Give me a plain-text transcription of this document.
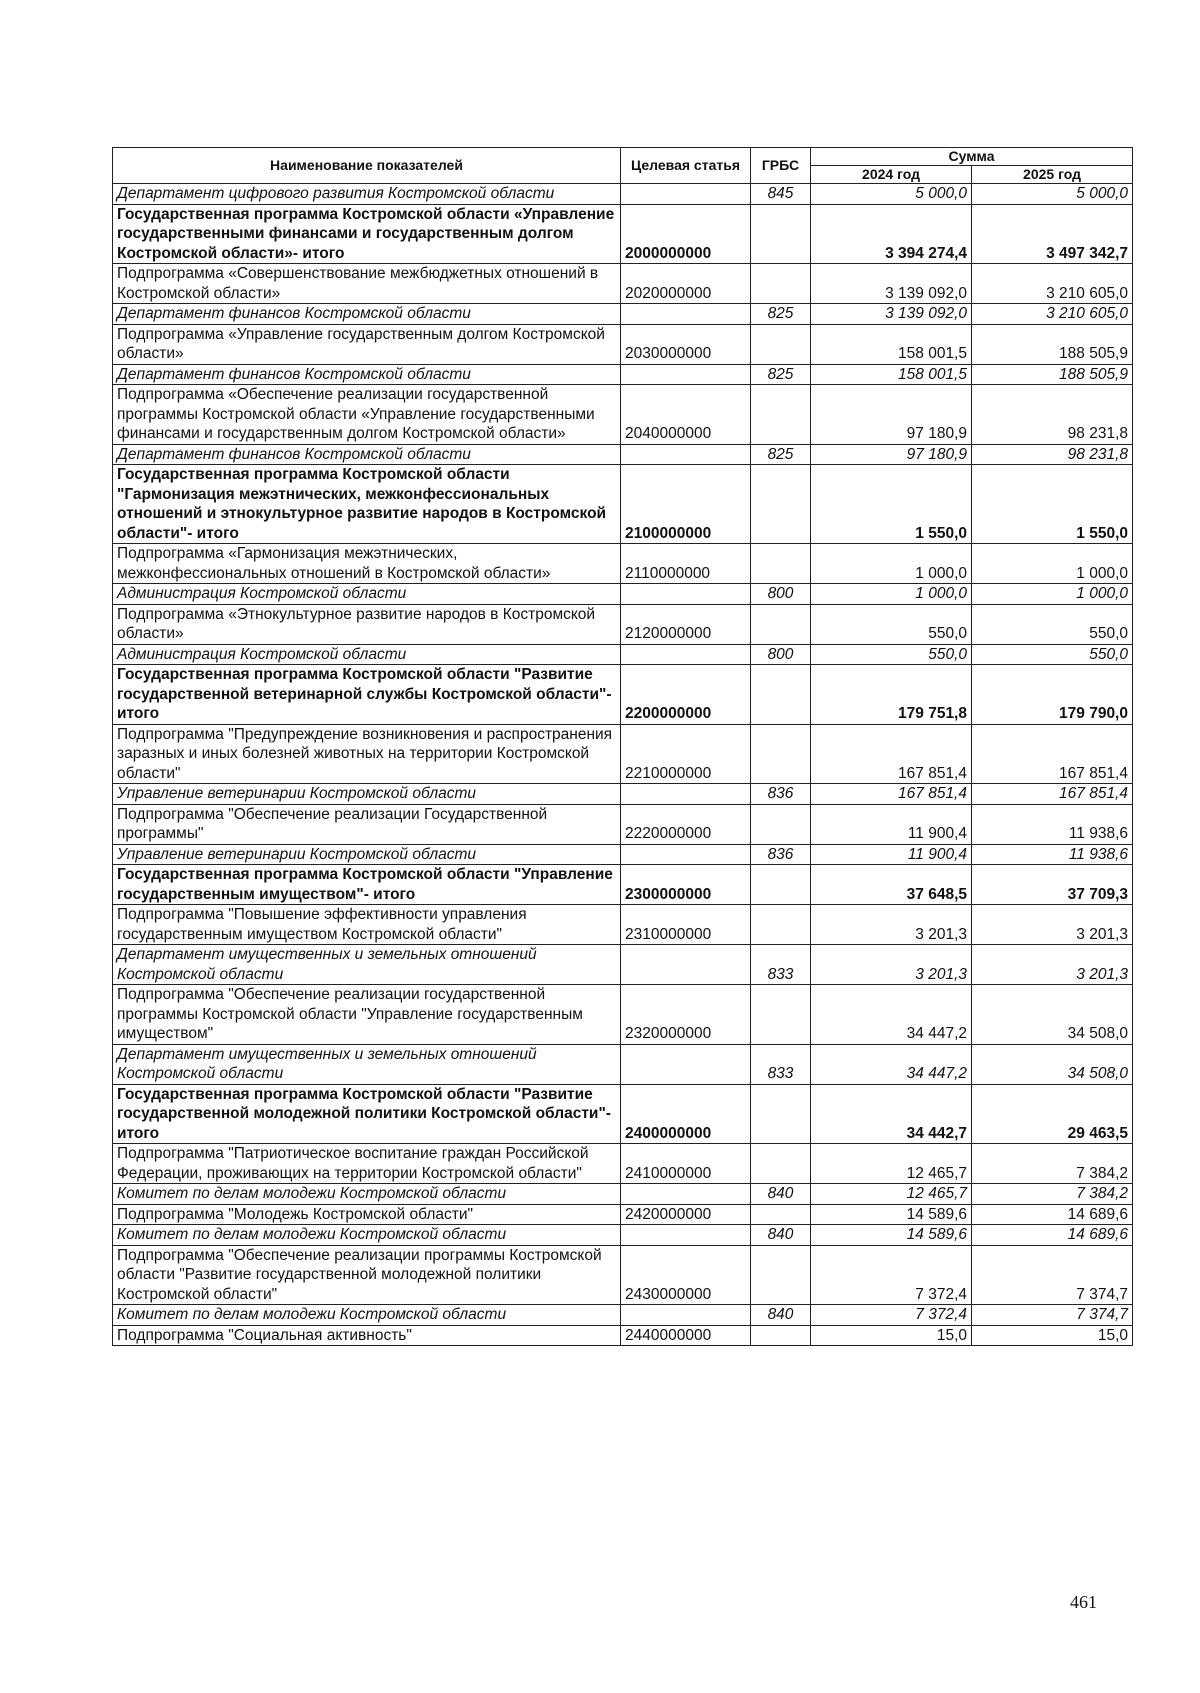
Наименование показателей	Целевая статья	ГРБС	Сумма	
			2024 год	2025 год
Департамент цифрового развития Костромской области		845	5 000,0	5 000,0
Государственная программа Костромской области «Управление государственными финансами и государственным долгом Костромской области»- итого	2000000000		3 394 274,4	3 497 342,7
Подпрограмма «Совершенствование межбюджетных отношений в Костромской области»	2020000000		3 139 092,0	3 210 605,0
Департамент финансов Костромской области		825	3 139 092,0	3 210 605,0
Подпрограмма «Управление государственным долгом Костромской области»	2030000000		158 001,5	188 505,9
Департамент финансов Костромской области		825	158 001,5	188 505,9
Подпрограмма «Обеспечение реализации государственной программы Костромской области «Управление государственными финансами и государственным долгом Костромской области»	2040000000		97 180,9	98 231,8
Департамент финансов Костромской области		825	97 180,9	98 231,8
Государственная программа Костромской области "Гармонизация межэтнических, межконфессиональных отношений и этнокультурное развитие народов в Костромской области"- итого	2100000000		1 550,0	1 550,0
Подпрограмма «Гармонизация межэтнических, межконфессиональных отношений в Костромской области»	2110000000		1 000,0	1 000,0
Администрация Костромской области		800	1 000,0	1 000,0
Подпрограмма «Этнокультурное развитие народов в Костромской области»	2120000000		550,0	550,0
Администрация Костромской области		800	550,0	550,0
Государственная программа Костромской области "Развитие государственной ветеринарной службы Костромской области"- итого	2200000000		179 751,8	179 790,0
Подпрограмма "Предупреждение возникновения и распространения заразных и иных болезней животных на территории Костромской области"	2210000000		167 851,4	167 851,4
Управление ветеринарии Костромской области		836	167 851,4	167 851,4
Подпрограмма "Обеспечение реализации Государственной программы"	2220000000		11 900,4	11 938,6
Управление ветеринарии Костромской области		836	11 900,4	11 938,6
Государственная программа Костромской области "Управление государственным имуществом"- итого	2300000000		37 648,5	37 709,3
Подпрограмма "Повышение эффективности управления государственным имуществом Костромской области"	2310000000		3 201,3	3 201,3
Департамент имущественных и земельных отношений Костромской области		833	3 201,3	3 201,3
Подпрограмма "Обеспечение реализации государственной программы Костромской области "Управление государственным имуществом"	2320000000		34 447,2	34 508,0
Департамент имущественных и земельных отношений Костромской области		833	34 447,2	34 508,0
Государственная программа Костромской области "Развитие государственной молодежной политики Костромской области"- итого	2400000000		34 442,7	29 463,5
Подпрограмма "Патриотическое воспитание граждан Российской Федерации, проживающих на территории Костромской области"	2410000000		12 465,7	7 384,2
Комитет по делам молодежи Костромской области		840	12 465,7	7 384,2
Подпрограмма "Молодежь Костромской области"	2420000000		14 589,6	14 689,6
Комитет по делам молодежи Костромской области		840	14 589,6	14 689,6
Подпрограмма "Обеспечение реализации программы Костромской области "Развитие государственной молодежной политики Костромской области"	2430000000		7 372,4	7 374,7
Комитет по делам молодежи Костромской области		840	7 372,4	7 374,7
Подпрограмма "Социальная активность"	2440000000		15,0	15,0
461
